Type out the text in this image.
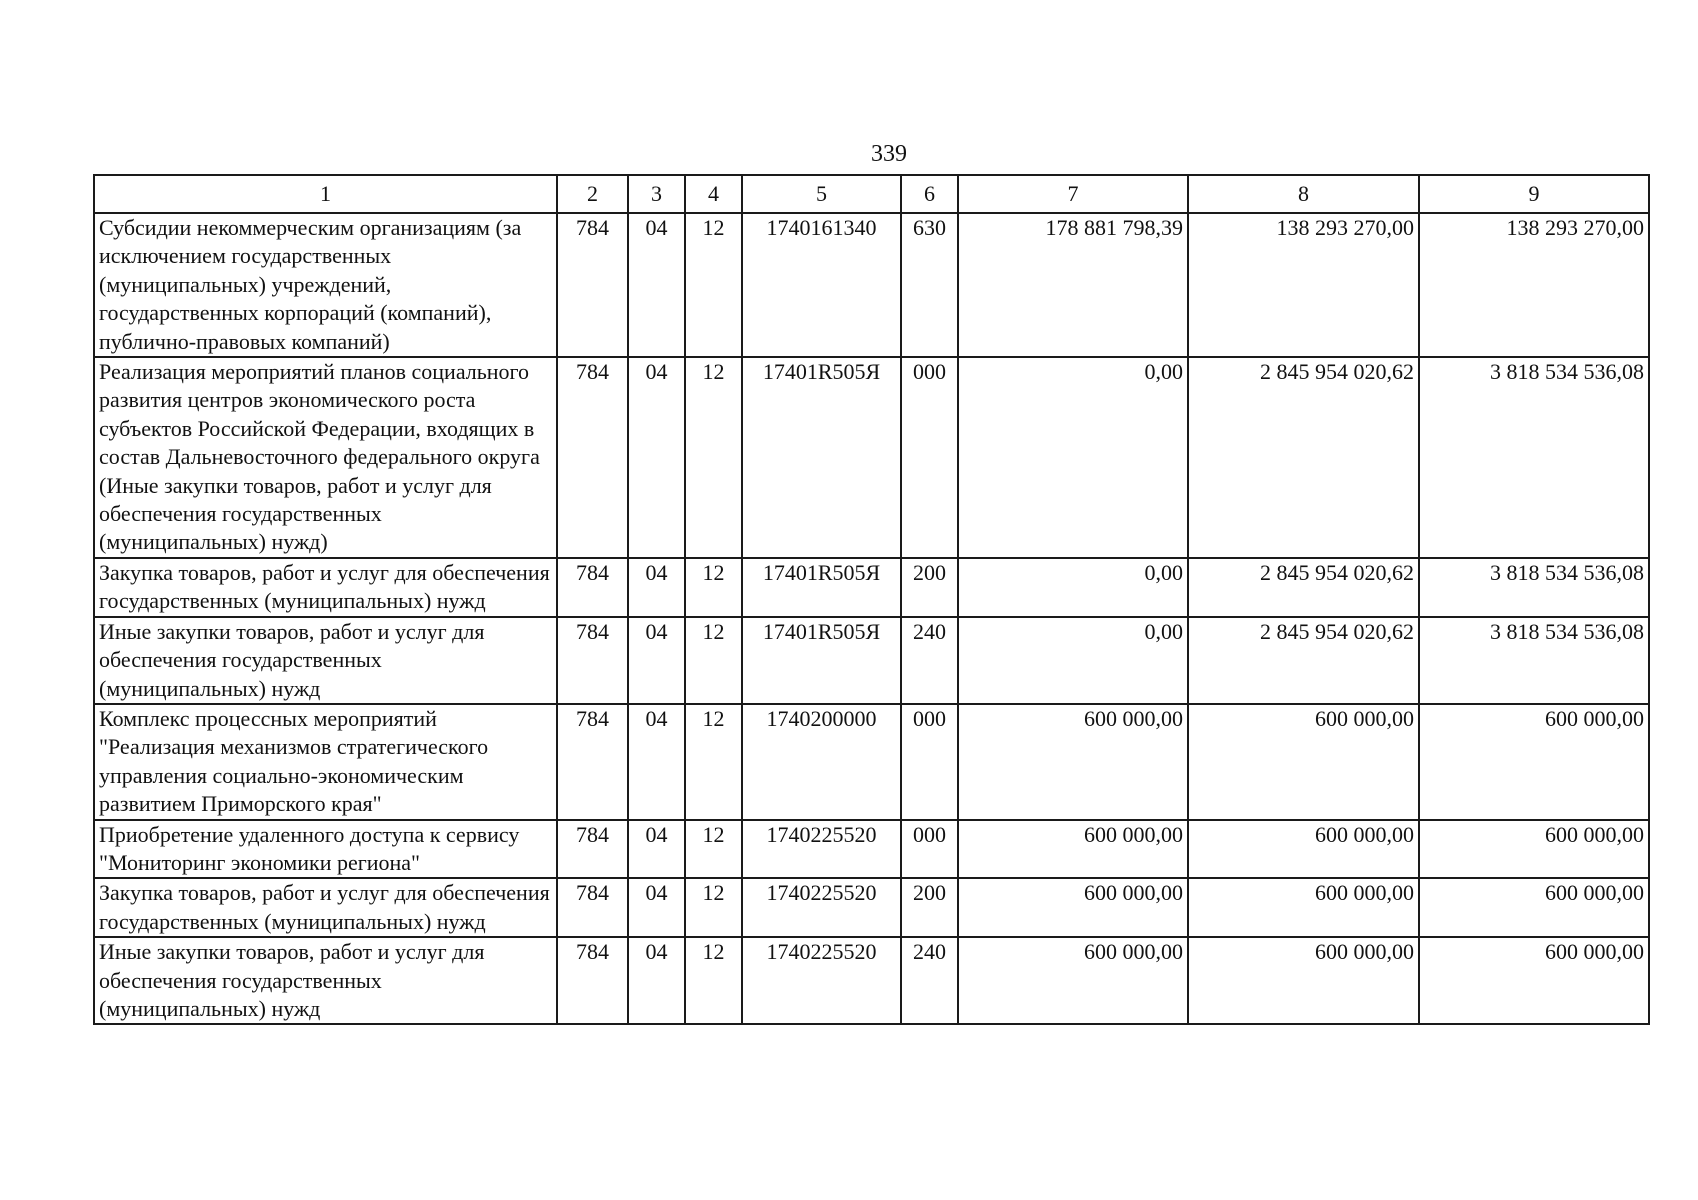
339
1	2	3	4	5	6	7	8	9
Субсидии некоммерческим организациям (за исключением государственных (муниципальных) учреждений, государственных корпораций (компаний), публично-правовых компаний)	784	04	12	1740161340	630	178 881 798,39	138 293 270,00	138 293 270,00
Реализация мероприятий планов социального развития центров экономического роста субъектов Российской Федерации, входящих в состав Дальневосточного федерального округа (Иные закупки товаров, работ и услуг для обеспечения государственных (муниципальных) нужд)	784	04	12	17401R505Я	000	0,00	2 845 954 020,62	3 818 534 536,08
Закупка товаров, работ и услуг для обеспечения государственных (муниципальных) нужд	784	04	12	17401R505Я	200	0,00	2 845 954 020,62	3 818 534 536,08
Иные закупки товаров, работ и услуг для обеспечения государственных (муниципальных) нужд	784	04	12	17401R505Я	240	0,00	2 845 954 020,62	3 818 534 536,08
Комплекс процессных мероприятий "Реализация механизмов стратегического управления социально-экономическим развитием Приморского края"	784	04	12	1740200000	000	600 000,00	600 000,00	600 000,00
Приобретение удаленного доступа к сервису "Мониторинг экономики региона"	784	04	12	1740225520	000	600 000,00	600 000,00	600 000,00
Закупка товаров, работ и услуг для обеспечения государственных (муниципальных) нужд	784	04	12	1740225520	200	600 000,00	600 000,00	600 000,00
Иные закупки товаров, работ и услуг для обеспечения государственных (муниципальных) нужд	784	04	12	1740225520	240	600 000,00	600 000,00	600 000,00
